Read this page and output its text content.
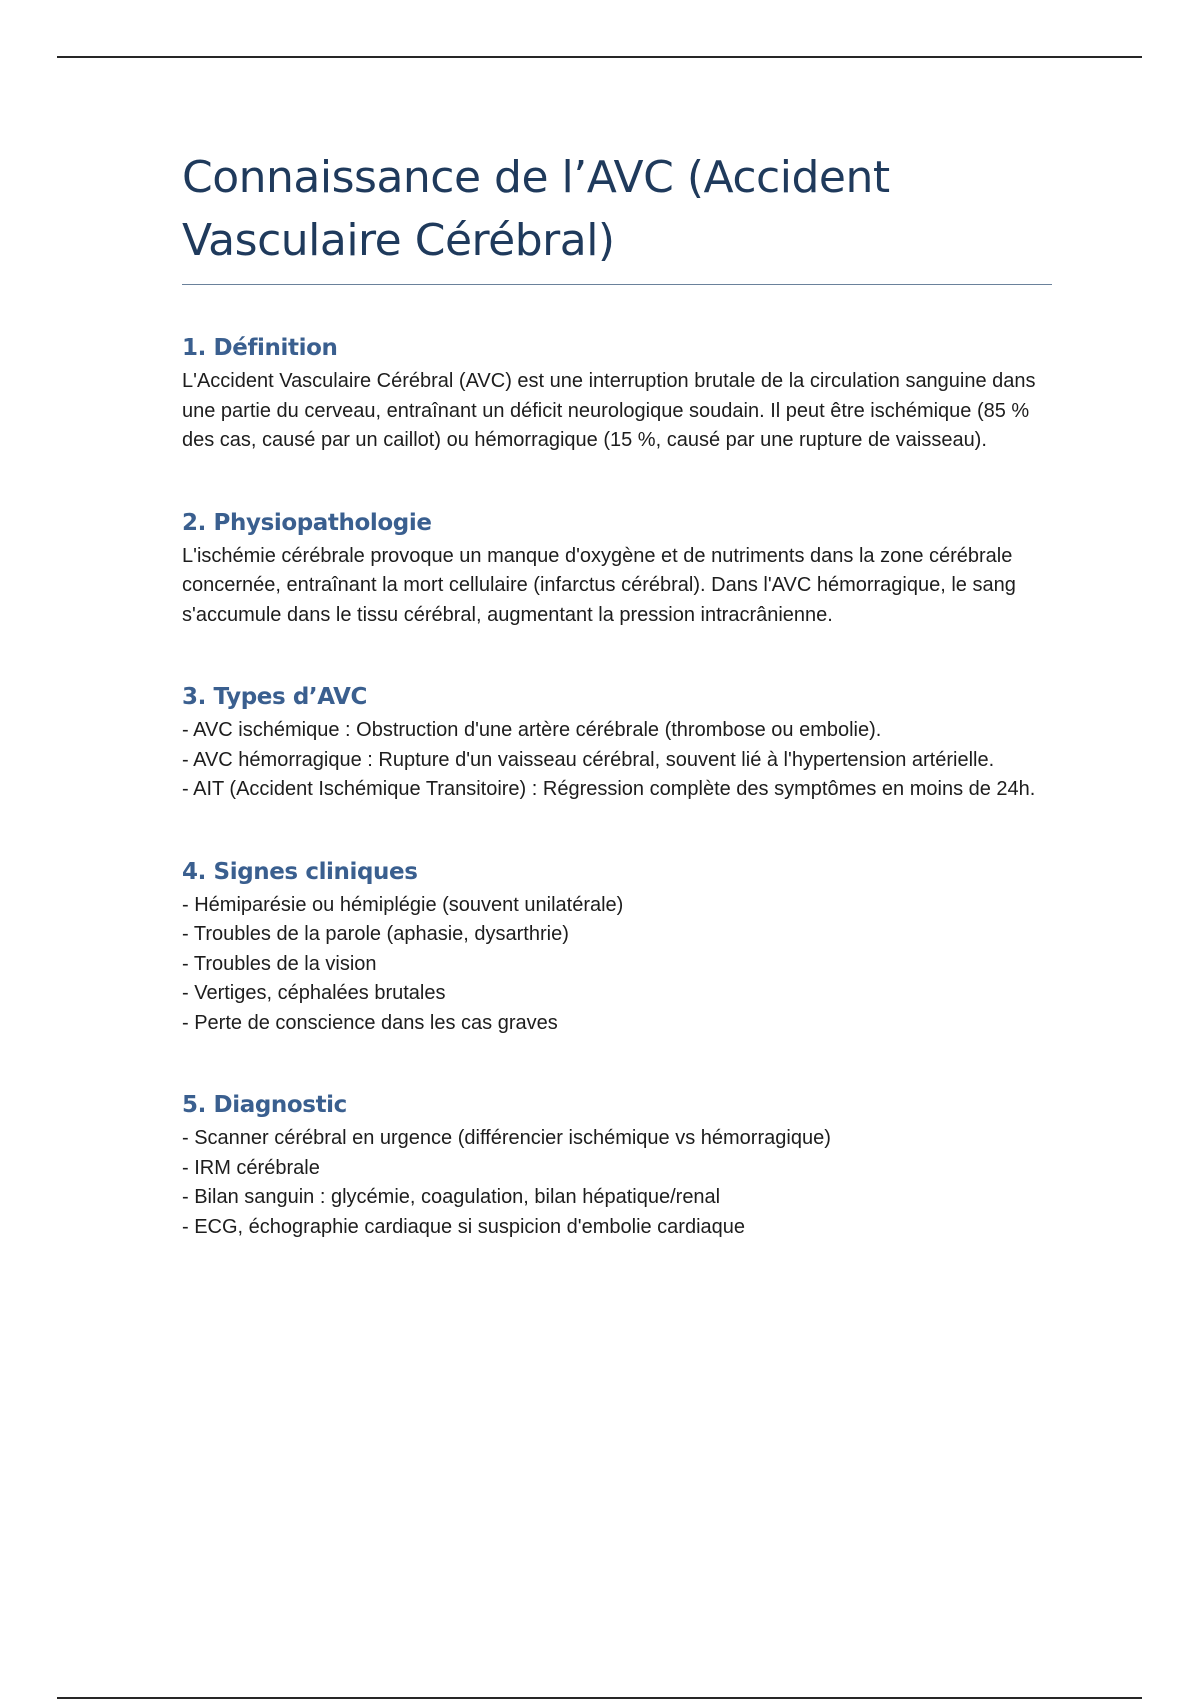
Connaissance de l’AVC (Accident Vasculaire Cérébral)
1. Définition

L'Accident Vasculaire Cérébral (AVC) est une interruption brutale de la circulation sanguine dans une partie du cerveau, entraînant un déficit neurologique soudain. Il peut être ischémique (85 % des cas, causé par un caillot) ou hémorragique (15 %, causé par une rupture de vaisseau).

2. Physiopathologie

L'ischémie cérébrale provoque un manque d'oxygène et de nutriments dans la zone cérébrale concernée, entraînant la mort cellulaire (infarctus cérébral). Dans l'AVC hémorragique, le sang s'accumule dans le tissu cérébral, augmentant la pression intracrânienne.

3. Types d’AVC
- AVC ischémique : Obstruction d'une artère cérébrale (thrombose ou embolie).
- AVC hémorragique : Rupture d'un vaisseau cérébral, souvent lié à l'hypertension artérielle.
- AIT (Accident Ischémique Transitoire) : Régression complète des symptômes en moins de 24h.
4. Signes cliniques
- Hémiparésie ou hémiplégie (souvent unilatérale)
- Troubles de la parole (aphasie, dysarthrie)
- Troubles de la vision
- Vertiges, céphalées brutales
- Perte de conscience dans les cas graves
5. Diagnostic
- Scanner cérébral en urgence (différencier ischémique vs hémorragique)
- IRM cérébrale
- Bilan sanguin : glycémie, coagulation, bilan hépatique/renal
- ECG, échographie cardiaque si suspicion d'embolie cardiaque
